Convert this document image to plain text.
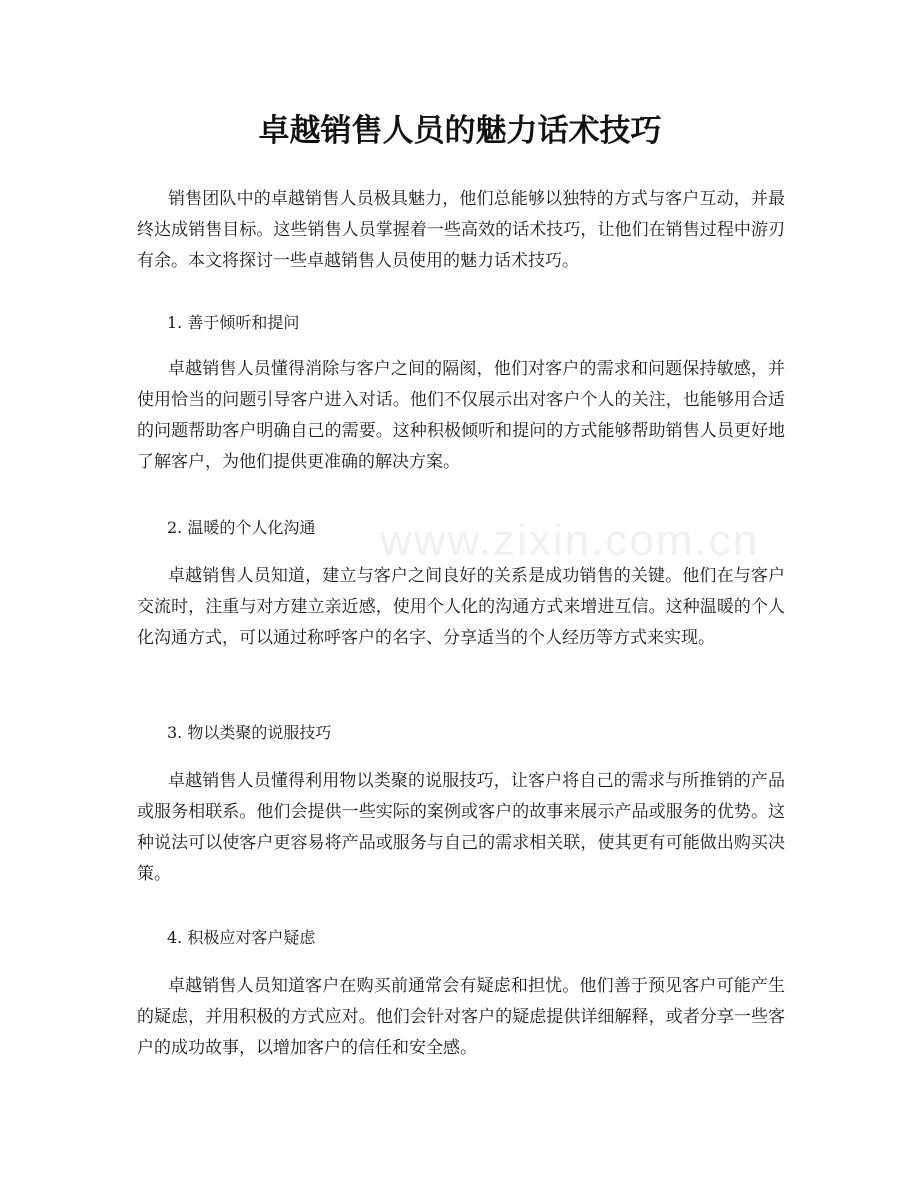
卓越销售人员的魅力话术技巧

销售团队中的卓越销售人员极具魅力，他们总能够以独特的方式与客户互动，并最终达成销售目标。这些销售人员掌握着一些高效的话术技巧，让他们在销售过程中游刃有余。本文将探讨一些卓越销售人员使用的魅力话术技巧。

1. 善于倾听和提问

卓越销售人员懂得消除与客户之间的隔阂，他们对客户的需求和问题保持敏感，并使用恰当的问题引导客户进入对话。他们不仅展示出对客户个人的关注，也能够用合适的问题帮助客户明确自己的需要。这种积极倾听和提问的方式能够帮助销售人员更好地了解客户，为他们提供更准确的解决方案。

2. 温暖的个人化沟通

卓越销售人员知道，建立与客户之间良好的关系是成功销售的关键。他们在与客户交流时，注重与对方建立亲近感，使用个人化的沟通方式来增进互信。这种温暖的个人化沟通方式，可以通过称呼客户的名字、分享适当的个人经历等方式来实现。

3. 物以类聚的说服技巧

卓越销售人员懂得利用物以类聚的说服技巧，让客户将自己的需求与所推销的产品或服务相联系。他们会提供一些实际的案例或客户的故事来展示产品或服务的优势。这种说法可以使客户更容易将产品或服务与自己的需求相关联，使其更有可能做出购买决策。

4. 积极应对客户疑虑

卓越销售人员知道客户在购买前通常会有疑虑和担忧。他们善于预见客户可能产生的疑虑，并用积极的方式应对。他们会针对客户的疑虑提供详细解释，或者分享一些客户的成功故事，以增加客户的信任和安全感。

www.zixin.com.cn
